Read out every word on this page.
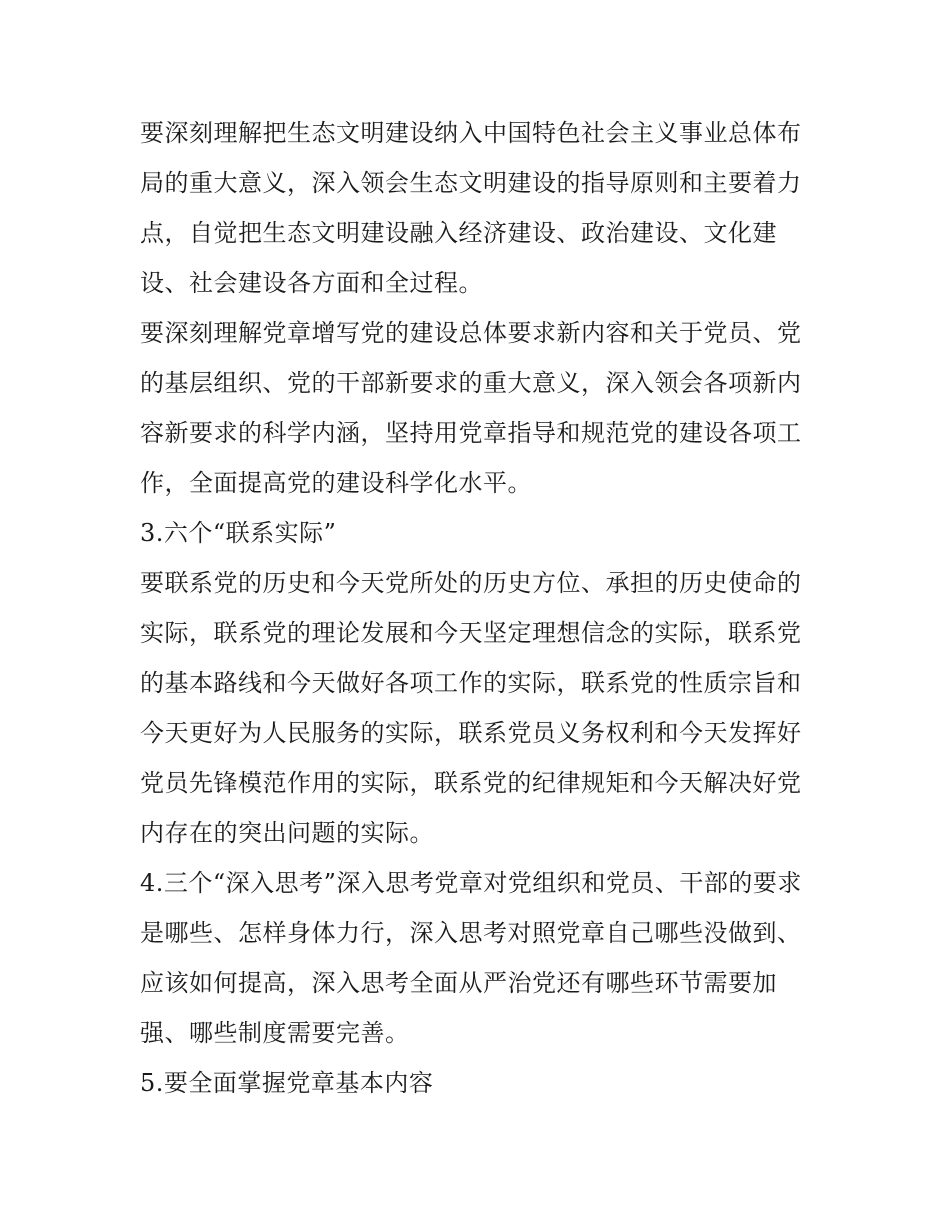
要深刻理解把生态文明建设纳入中国特色社会主义事业总体布
局的重大意义，深入领会生态文明建设的指导原则和主要着力
点，自觉把生态文明建设融入经济建设、政治建设、文化建
设、社会建设各方面和全过程。
要深刻理解党章增写党的建设总体要求新内容和关于党员、党
的基层组织、党的干部新要求的重大意义，深入领会各项新内
容新要求的科学内涵，坚持用党章指导和规范党的建设各项工
作，全面提高党的建设科学化水平。
3.六个“联系实际”
要联系党的历史和今天党所处的历史方位、承担的历史使命的
实际，联系党的理论发展和今天坚定理想信念的实际，联系党
的基本路线和今天做好各项工作的实际，联系党的性质宗旨和
今天更好为人民服务的实际，联系党员义务权利和今天发挥好
党员先锋模范作用的实际，联系党的纪律规矩和今天解决好党
内存在的突出问题的实际。
4.三个“深入思考”深入思考党章对党组织和党员、干部的要求
是哪些、怎样身体力行，深入思考对照党章自己哪些没做到、
应该如何提高，深入思考全面从严治党还有哪些环节需要加
强、哪些制度需要完善。
5.要全面掌握党章基本内容
